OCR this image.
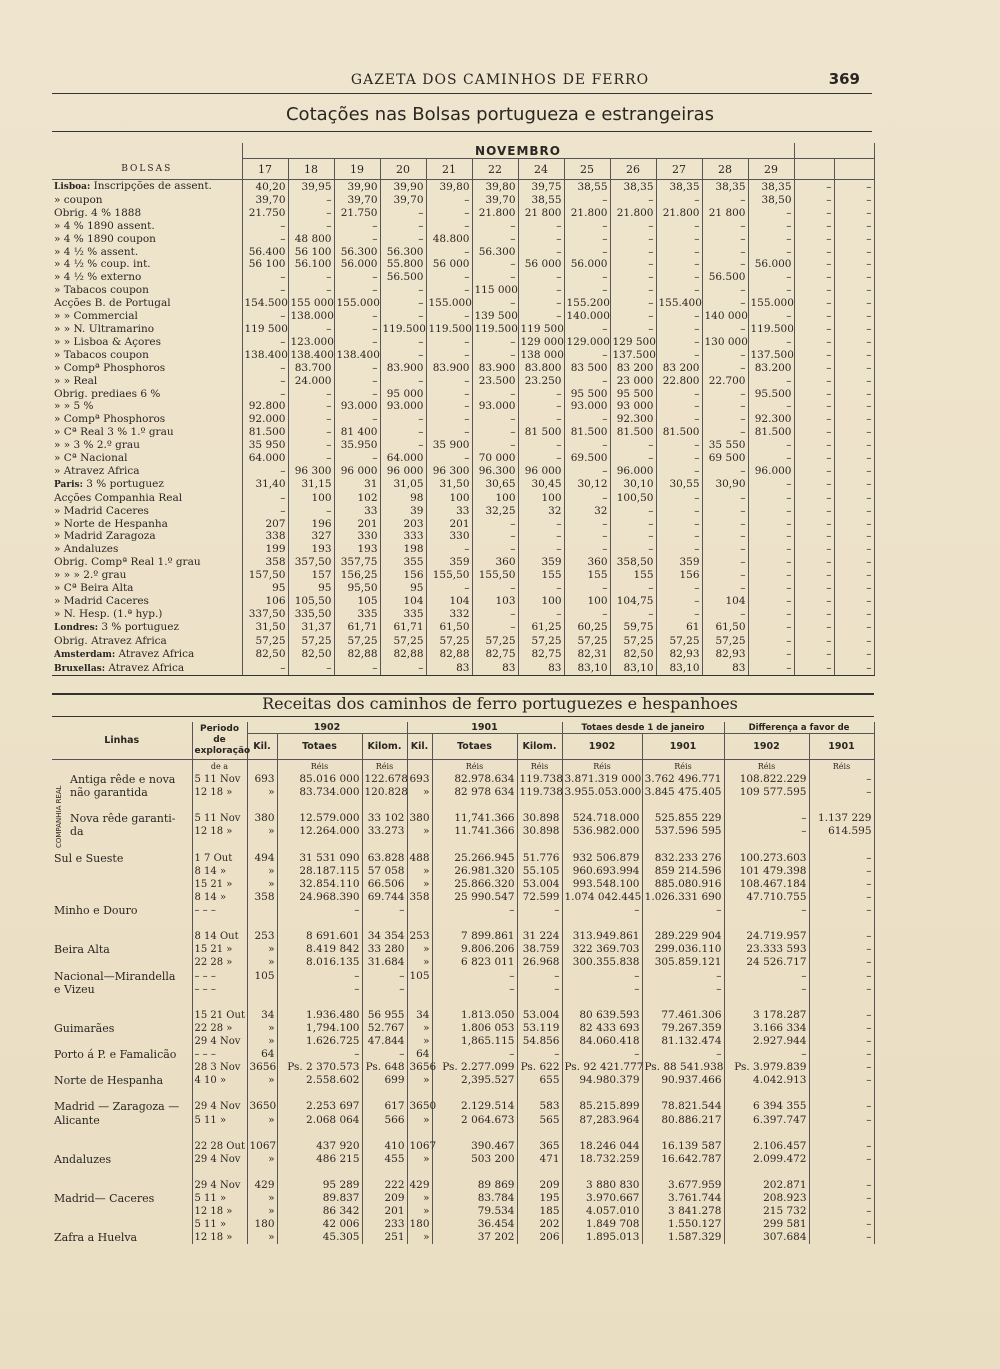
GAZETA DOS CAMINHOS DE FERRO	369
Cotações nas Bolsas portugueza e estrangeiras
	NOVEMBRO													
BOLSAS	17	18	19	20	21	22	24	25	26	27	28	29		
Lisboa: Inscripções de assent.	40,20	39,95	39,90	39,90	39,80	39,80	39,75	38,55	38,35	38,35	38,35	38,35	–	–
» coupon	39,70	–	39,70	39,70	–	39,70	38,55	–	–	–	–	38,50	–	–
Obrig. 4 % 1888	21.750	–	21.750	–	–	21.800	21 800	21.800	21.800	21.800	21 800	–	–	–
» 4 % 1890 assent.	–	–	–	–	–	–	–	–	–	–	–	–	–	–
» 4 % 1890 coupon	–	48 800	–	–	48.800	–	–	–	–	–	–	–	–	–
» 4 ½ % assent.	56.400	56 100	56.300	56.300	–	56.300	–	–	–	–	–	–	–	–
» 4 ½ % coup. int.	56 100	56.100	56.000	55.800	56 000	–	56 000	56.000	–	–	–	56.000	–	–
» 4 ½ % externo	–	–	–	56.500	–	–	–	–	–	–	56.500	–	–	–
» Tabacos coupon	–	–	–	–	–	115 000	–	–	–	–	–	–	–	–
Acções B. de Portugal	154.500	155 000	155.000	–	155.000	–	–	155.200	–	155.400	–	155.000	–	–
» » Commercial	–	138.000	–	–	–	139 500	–	140.000	–	–	140 000	–	–	–
» » N. Ultramarino	119 500	–	–	119.500	119.500	119.500	119 500	–	–	–	–	119.500	–	–
» » Lisboa & Açores	–	123.000	–	–	–	–	129 000	129.000	129 500	–	130 000	–	–	–
» Tabacos coupon	138.400	138.400	138.400	–	–	–	138 000	–	137.500	–	–	137.500	–	–
» Compª Phosphoros	–	83.700	–	83.900	83.900	83.900	83.800	83 500	83 200	83 200	–	83.200	–	–
» » Real	–	24.000	–	–	–	23.500	23.250	–	23 000	22.800	22.700	–	–	–
Obrig. prediaes 6 %	–	–	–	95 000	–	–	–	95 500	95 500	–	–	95.500	–	–
» » 5 %	92.800	–	93.000	93.000	–	93.000	–	93.000	93 000	–	–	–	–	–
» Compª Phosphoros	92.000	–	–	–	–	–	–	–	92.300	–	–	92.300	–	–
» Cª Real 3 % 1.º grau	81.500	–	81 400	–	–	–	81 500	81.500	81.500	81.500	–	81.500	–	–
» » 3 % 2.º grau	35 950	–	35.950	–	35 900	–	–	–	–	–	35 550	–	–	–
» Cª Nacional	64.000	–	–	64.000	–	70 000	–	69.500	–	–	69 500	–	–	–
» Atravez Africa	–	96 300	96 000	96 000	96 300	96.300	96 000	–	96.000	–	–	96.000	–	–
Paris: 3 % portuguez	31,40	31,15	31	31,05	31,50	30,65	30,45	30,12	30,10	30,55	30,90	–	–	–
Acções Companhia Real	–	100	102	98	100	100	100	–	100,50	–	–	–	–	–
» Madrid Caceres	–	–	33	39	33	32,25	32	32	–	–	–	–	–	–
» Norte de Hespanha	207	196	201	203	201	–	–	–	–	–	–	–	–	–
» Madrid Zaragoza	338	327	330	333	330	–	–	–	–	–	–	–	–	–
» Andaluzes	199	193	193	198	–	–	–	–	–	–	–	–	–	–
Obrig. Compª Real 1.º grau	358	357,50	357,75	355	359	360	359	360	358,50	359	–	–	–	–
» » » 2.º grau	157,50	157	156,25	156	155,50	155,50	155	155	155	156	–	–	–	–
» Cª Beira Alta	95	95	95,50	95	–	–	–	–	–	–	–	–	–	–
» Madrid Caceres	106	105,50	105	104	104	103	100	100	104,75	–	104	–	–	–
» N. Hesp. (1.ª hyp.)	337,50	335,50	335	335	332	–	–	–	–	–	–	–	–	–
Londres: 3 % portuguez	31,50	31,37	61,71	61,71	61,50	–	61,25	60,25	59,75	61	61,50	–	–	–
Obrig. Atravez Africa	57,25	57,25	57,25	57,25	57,25	57,25	57,25	57,25	57,25	57,25	57,25	–	–	–
Amsterdam: Atravez Africa	82,50	82,50	82,88	82,88	82,88	82,75	82,75	82,31	82,50	82,93	82,93	–	–	–
Bruxellas: Atravez Africa	–	–	–	–	83	83	83	83,10	83,10	83,10	83	–	–	–
Receitas dos caminhos de ferro portuguezes e hespanhoes
Linhas	Periodo de exploração	1902			1901			Totaes desde 1 de janeiro		Differença a favor de	
		Kil.	Totaes	Kilom.	Kil.	Totaes	Kilom.	1902	1901	1902	1901
	de a		Réis	Réis		Réis	Réis	Réis	Réis	Réis	Réis
Antiga rêde e nova	5 11 Nov	693	85.016 000	122.678	693	82.978.634	119.738	3.871.319 000	3.762 496.771	108.822.229	–
não garantida	12 18 »	»	83.734.000	120.828	»	82 978 634	119.738	3.955.053.000	3.845 475.405	109 577.595	–

Nova rêde garanti-	5 11 Nov	380	12.579.000	33 102	380	11,741.366	30.898	524.718.000	525.855 229	–	1.137 229
da	12 18 »	»	12.264.000	33.273	»	11.741.366	30.898	536.982.000	537.596 595	–	614.595

Sul e Sueste	1 7 Out	494	31 531 090	63.828	488	25.266.945	51.776	932 506.879	832.233 276	100.273.603	–
	8 14 »	»	28.187.115	57 058	»	26.981.320	55.105	960.693.994	859 214.596	101 479.398	–
	15 21 »	»	32.854.110	66.506	»	25.866.320	53.004	993.548.100	885.080.916	108.467.184	–
	8 14 »	358	24.968.390	69.744	358	25 990.547	72.599	1.074 042.445	1.026.331 690	47.710.755	–
Minho e Douro	– – –		–	–		–	–	–	–	–	–

	8 14 Out	253	8 691.601	34 354	253	7 899.861	31 224	313.949.861	289.229 904	24.719.957	–
Beira Alta	15 21 »	»	8.419 842	33 280	»	9.806.206	38.759	322 369.703	299.036.110	23.333 593	–
	22 28 »	»	8.016.135	31.684	»	6 823 011	26.968	300.355.838	305.859.121	24 526.717	–
Nacional—Mirandella	– – –	105	–	–	105	–	–	–	–	–	–
e Vizeu	– – –		–	–		–	–	–	–	–	–

	15 21 Out	34	1.936.480	56 955	34	1.813.050	53.004	80 639.593	77.461.306	3 178.287	–
Guimarães	22 28 »	»	1,794.100	52.767	»	1.806 053	53.119	82 433 693	79.267.359	3.166 334	–
	29 4 Nov	»	1.626.725	47.844	»	1,865.115	54.856	84.060.418	81.132.474	2.927.944	–
Porto á P. e Famalicão	– – –	64	–	–	64	–	–	–	–	–	–
	28 3 Nov	3656	Ps. 2 370.573	Ps. 648	3656	Ps. 2.277.099	Ps. 622	Ps. 92 421.777	Ps. 88 541.938	Ps. 3.979.839	–
Norte de Hespanha	4 10 »	»	2.558.602	699	»	2,395.527	655	94.980.379	90.937.466	4.042.913	–

Madrid — Zaragoza —	29 4 Nov	3650	2.253 697	617	3650	2.129.514	583	85.215.899	78.821.544	6 394 355	–
Alicante	5 11 »	»	2.068 064	566	»	2 064.673	565	87,283.964	80.886.217	6.397.747	–

	22 28 Out	1067	437 920	410	1067	390.467	365	18.246 044	16.139 587	2.106.457	–
Andaluzes	29 4 Nov	»	486 215	455	»	503 200	471	18.732.259	16.642.787	2.099.472	–

	29 4 Nov	429	95 289	222	429	89 869	209	3 880 830	3.677.959	202.871	–
Madrid— Caceres	5 11 »	»	89.837	209	»	83.784	195	3.970.667	3.761.744	208.923	–
	12 18 »	»	86 342	201	»	79.534	185	4.057.010	3 841.278	215 732	–
	5 11 »	180	42 006	233	180	36.454	202	1.849 708	1.550.127	299 581	–
Zafra a Huelva	12 18 »	»	45.305	251	»	37 202	206	1.895.013	1.587.329	307.684	–
COMPANHIA REAL
